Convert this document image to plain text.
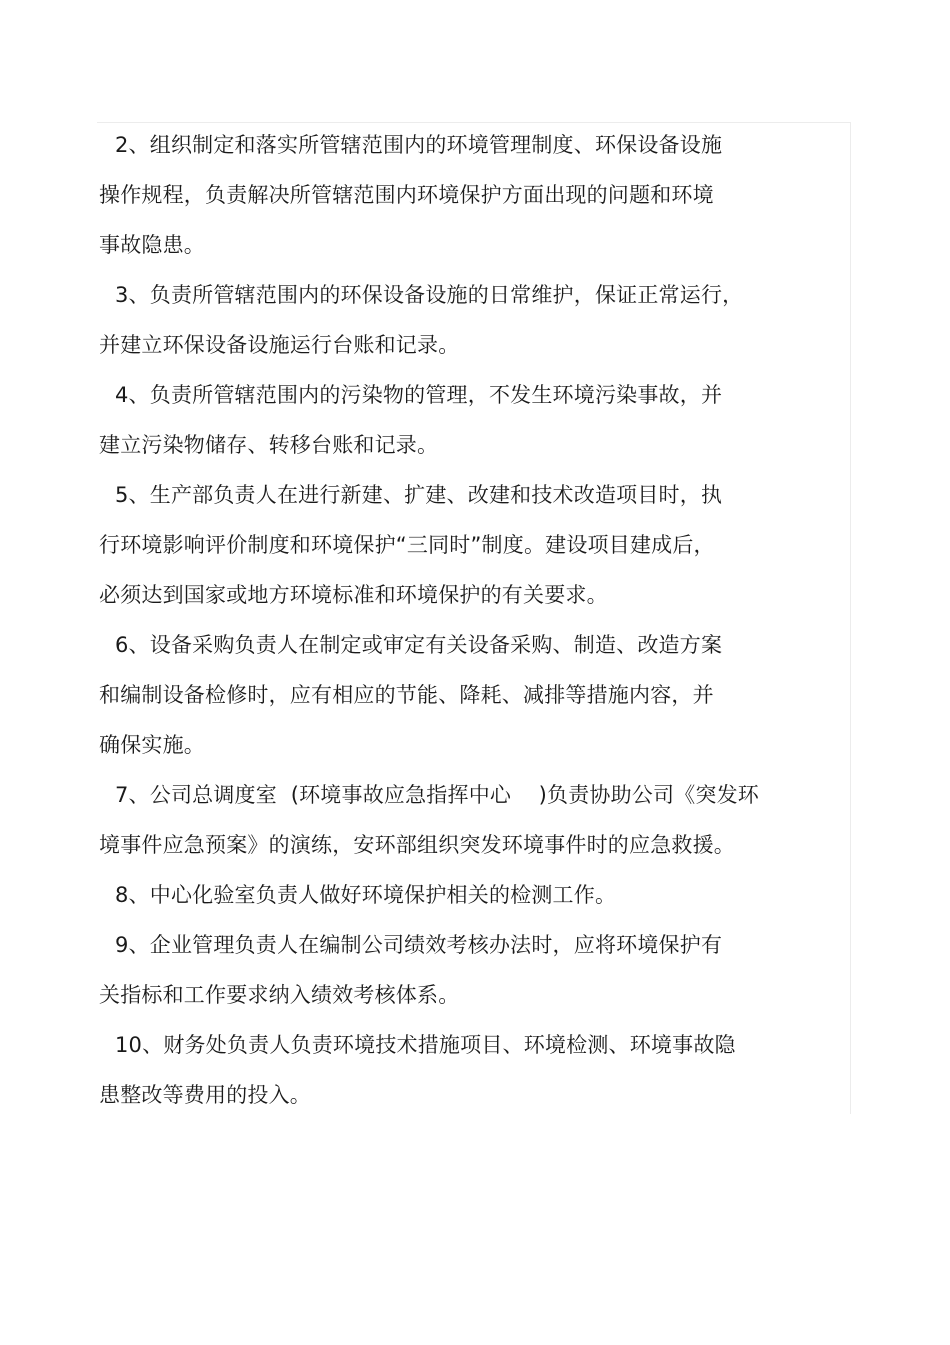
2、组织制定和落实所管辖范围内的环境管理制度、环保设备设施
操作规程，负责解决所管辖范围内环境保护方面出现的问题和环境
事故隐患。
3、负责所管辖范围内的环保设备设施的日常维护，保证正常运行，
并建立环保设备设施运行台账和记录。
4、负责所管辖范围内的污染物的管理，不发生环境污染事故，并
建立污染物储存、转移台账和记录。
5、生产部负责人在进行新建、扩建、改建和技术改造项目时，执
行环境影响评价制度和环境保护“三同时”制度。建设项目建成后，
必须达到国家或地方环境标准和环境保护的有关要求。
6、设备采购负责人在制定或审定有关设备采购、制造、改造方案
和编制设备检修时，应有相应的节能、降耗、减排等措施内容，并
确保实施。
7、公司总调度室  (环境事故应急指挥中心    )负责协助公司《突发环
境事件应急预案》的演练，安环部组织突发环境事件时的应急救援。
8、中心化验室负责人做好环境保护相关的检测工作。
9、企业管理负责人在编制公司绩效考核办法时，应将环境保护有
关指标和工作要求纳入绩效考核体系。
10、财务处负责人负责环境技术措施项目、环境检测、环境事故隐
患整改等费用的投入。
